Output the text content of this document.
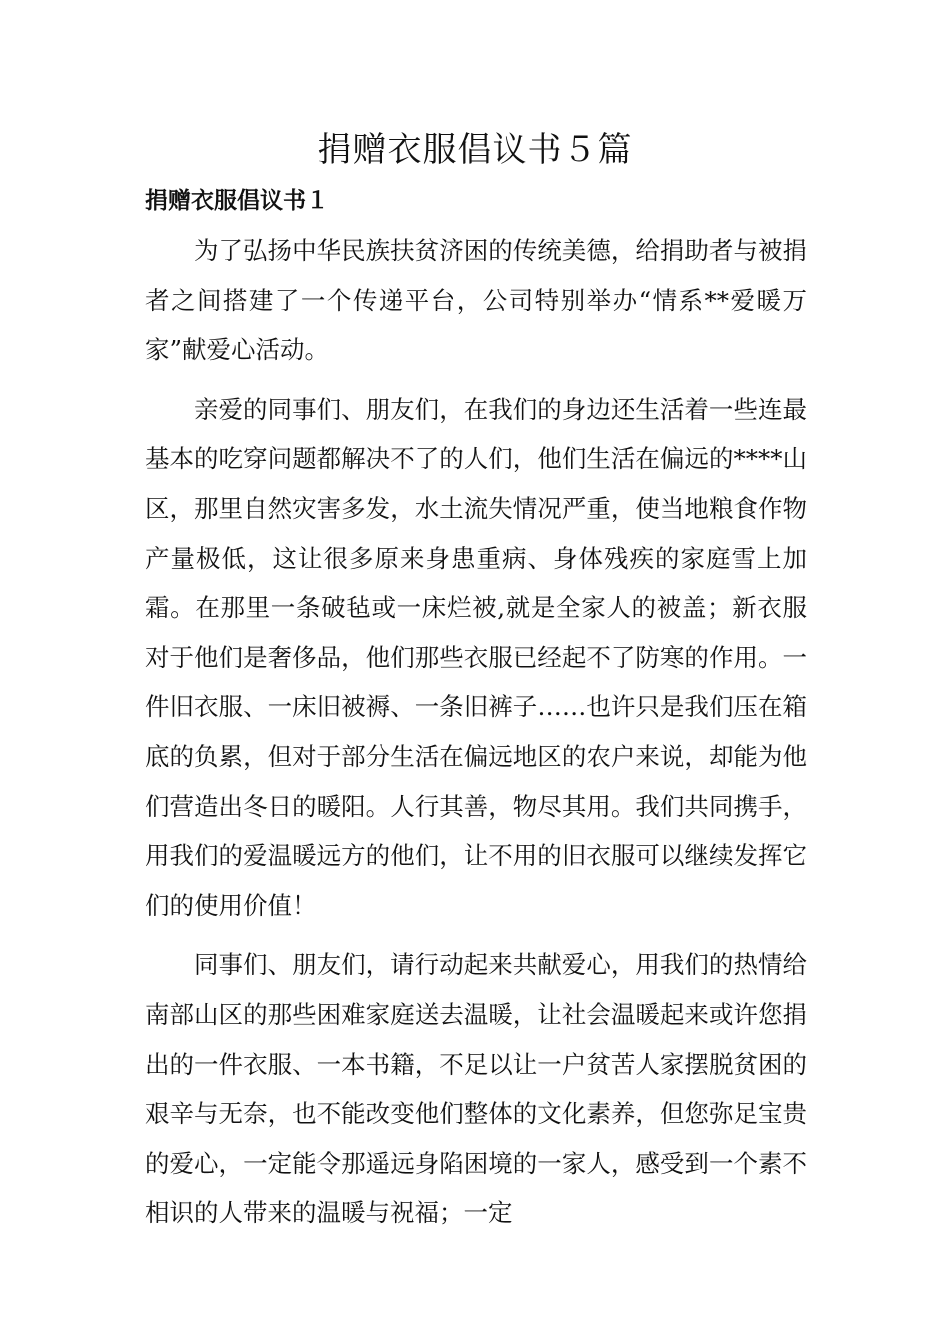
捐赠衣服倡议书５篇
捐赠衣服倡议书１

为了弘扬中华民族扶贫济困的传统美德，给捐助者与被捐者之间搭建了一个传递平台，公司特别举办“情系**爱暖万家”献爱心活动。

亲爱的同事们、朋友们，在我们的身边还生活着一些连最基本的吃穿问题都解决不了的人们，他们生活在偏远的****山区，那里自然灾害多发，水土流失情况严重，使当地粮食作物产量极低，这让很多原来身患重病、身体残疾的家庭雪上加霜。在那里一条破毡或一床烂被,就是全家人的被盖；新衣服对于他们是奢侈品，他们那些衣服已经起不了防寒的作用。一件旧衣服、一床旧被褥、一条旧裤子……也许只是我们压在箱底的负累，但对于部分生活在偏远地区的农户来说，却能为他们营造出冬日的暖阳。人行其善，物尽其用。我们共同携手，用我们的爱温暖远方的他们，让不用的旧衣服可以继续发挥它们的使用价值！

同事们、朋友们，请行动起来共献爱心，用我们的热情给南部山区的那些困难家庭送去温暖，让社会温暖起来或许您捐出的一件衣服、一本书籍，不足以让一户贫苦人家摆脱贫困的艰辛与无奈，也不能改变他们整体的文化素养，但您弥足宝贵的爱心，一定能令那遥远身陷困境的一家人，感受到一个素不相识的人带来的温暖与祝福；一定
